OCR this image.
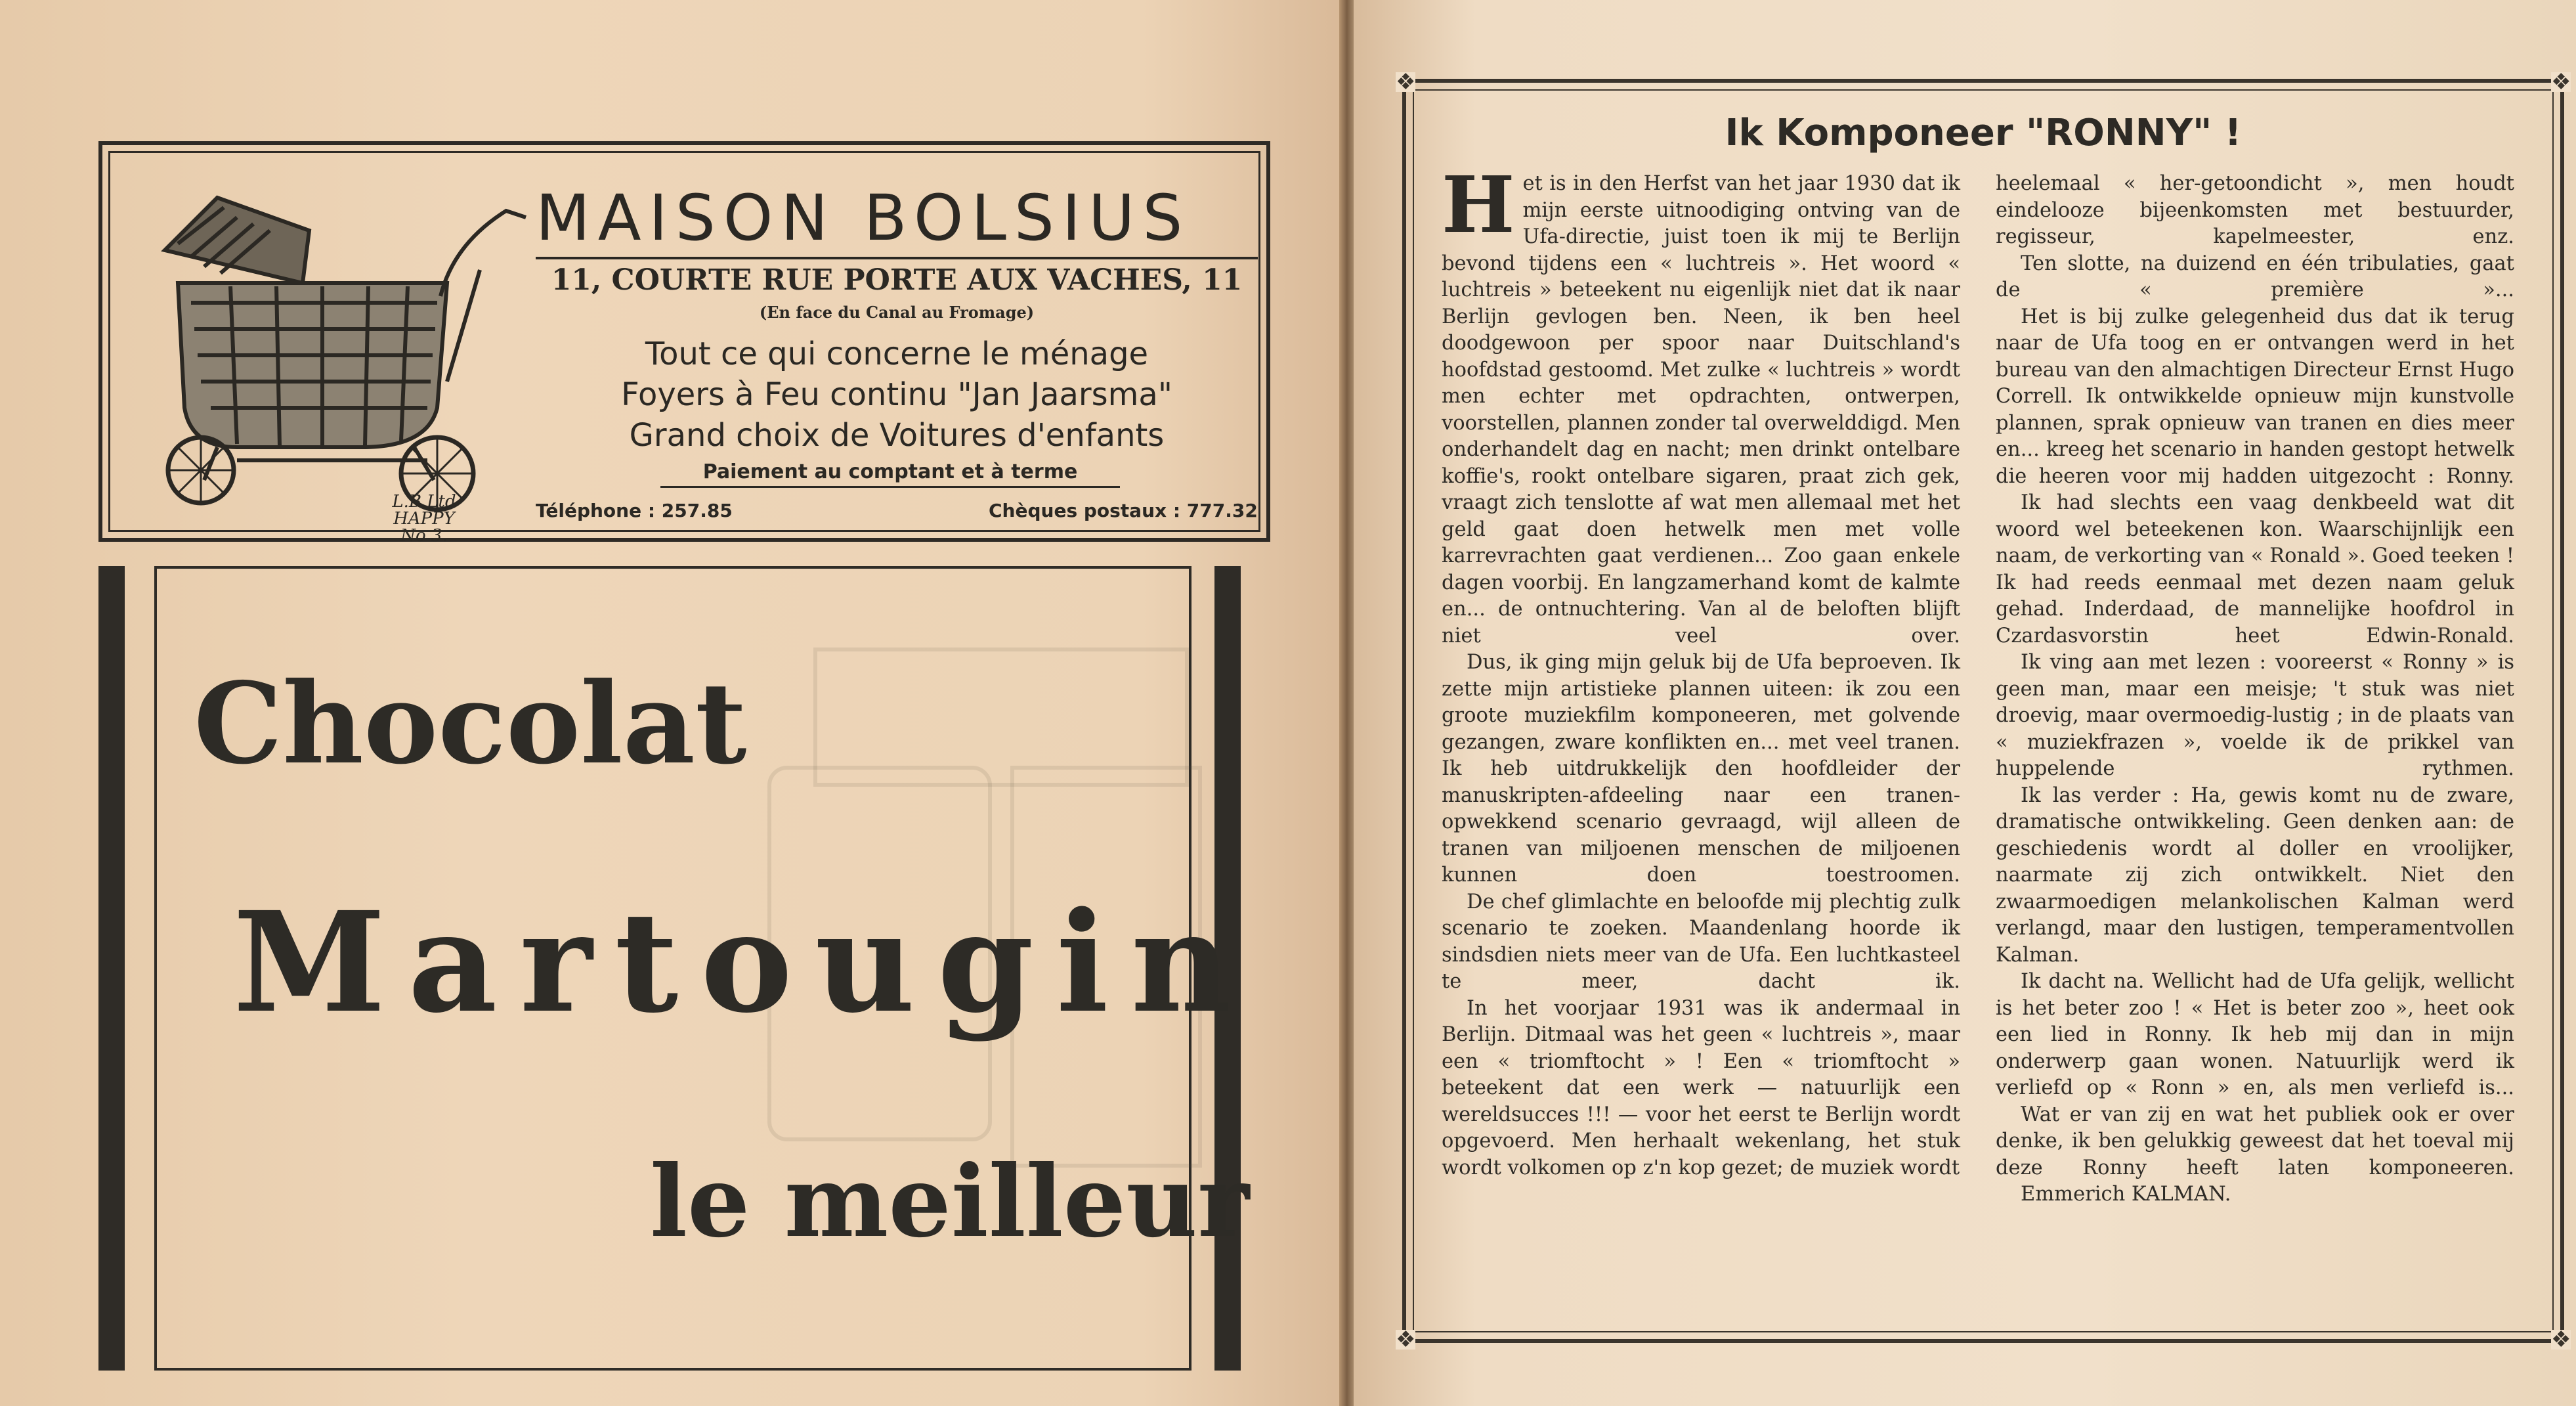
L.B.Ltd
HAPPY No 3.
MAISON BOLSIUS
11, COURTE RUE PORTE AUX VACHES, 11
(En face du Canal au Fromage)
Tout ce qui concerne le ménage
Foyers à Feu continu "Jan Jaarsma"
Grand choix de Voitures d'enfants
Paiement au comptant et à terme
Téléphone : 257.85	Chèques postaux : 777.32
Chocolat
Martougin
le meilleur
❖	❖
❖	❖
Ik Komponeer "RONNY" !

Het is in den Herfst van het jaar 1930 dat ik mijn eerste uitnoodiging ontving van de Ufa-directie, juist toen ik mij te Berlijn bevond tijdens een « luchtreis ». Het woord « luchtreis » beteekent nu eigenlijk niet dat ik naar Berlijn gevlogen ben. Neen, ik ben heel doodgewoon per spoor naar Duitschland's hoofdstad gestoomd. Met zulke « luchtreis » wordt men echter met opdrachten, ontwerpen, voorstellen, plannen zonder tal overwelddigd. Men onderhandelt dag en nacht; men drinkt ontelbare koffie's, rookt ontelbare sigaren, praat zich gek, vraagt zich tenslotte af wat men allemaal met het geld gaat doen hetwelk men met volle karrevrachten gaat verdienen... Zoo gaan enkele dagen voorbij. En langzamerhand komt de kalmte en... de ontnuchtering. Van al de beloften blijft niet veel over.

Dus, ik ging mijn geluk bij de Ufa beproeven. Ik zette mijn artistieke plannen uiteen: ik zou een groote muziekfilm komponeeren, met golvende gezangen, zware konflikten en... met veel tranen. Ik heb uitdrukkelijk den hoofdleider der manuskripten-afdeeling naar een tranen-opwekkend scenario gevraagd, wijl alleen de tranen van miljoenen menschen de miljoenen kunnen doen toestroomen.

De chef glimlachte en beloofde mij plechtig zulk scenario te zoeken. Maandenlang hoorde ik sindsdien niets meer van de Ufa. Een luchtkasteel te meer, dacht ik.

In het voorjaar 1931 was ik andermaal in Berlijn. Ditmaal was het geen « luchtreis », maar een « triomftocht » ! Een « triomftocht » beteekent dat een werk — natuurlijk een wereldsucces !!! — voor het eerst te Berlijn wordt opgevoerd. Men herhaalt wekenlang, het stuk wordt volkomen op z'n kop gezet; de muziek wordt

heelemaal « her-getoondicht », men houdt eindelooze bijeenkomsten met bestuurder, regisseur, kapelmeester, enz.

Ten slotte, na duizend en één tribulaties, gaat de « première »...

Het is bij zulke gelegenheid dus dat ik terug naar de Ufa toog en er ontvangen werd in het bureau van den almachtigen Directeur Ernst Hugo Correll. Ik ontwikkelde opnieuw mijn kunstvolle plannen, sprak opnieuw van tranen en dies meer en... kreeg het scenario in handen gestopt hetwelk die heeren voor mij hadden uitgezocht : Ronny.

Ik had slechts een vaag denkbeeld wat dit woord wel beteekenen kon. Waarschijnlijk een naam, de verkorting van « Ronald ». Goed teeken ! Ik had reeds eenmaal met dezen naam geluk gehad. Inderdaad, de mannelijke hoofdrol in Czardasvorstin heet Edwin-Ronald.

Ik ving aan met lezen : vooreerst « Ronny » is geen man, maar een meisje; 't stuk was niet droevig, maar overmoedig-lustig ; in de plaats van « muziekfrazen », voelde ik de prikkel van huppelende rythmen.

Ik las verder : Ha, gewis komt nu de zware, dramatische ontwikkeling. Geen denken aan: de geschiedenis wordt al doller en vroolijker, naarmate zij zich ontwikkelt. Niet den zwaarmoedigen melankolischen Kalman werd verlangd, maar den lustigen, temperamentvollen Kalman.

Ik dacht na. Wellicht had de Ufa gelijk, wellicht is het beter zoo ! « Het is beter zoo », heet ook een lied in Ronny. Ik heb mij dan in mijn onderwerp gaan wonen. Natuurlijk werd ik verliefd op « Ronn » en, als men verliefd is...

Wat er van zij en wat het publiek ook er over denke, ik ben gelukkig geweest dat het toeval mij deze Ronny heeft laten komponeeren.

Emmerich KALMAN.
